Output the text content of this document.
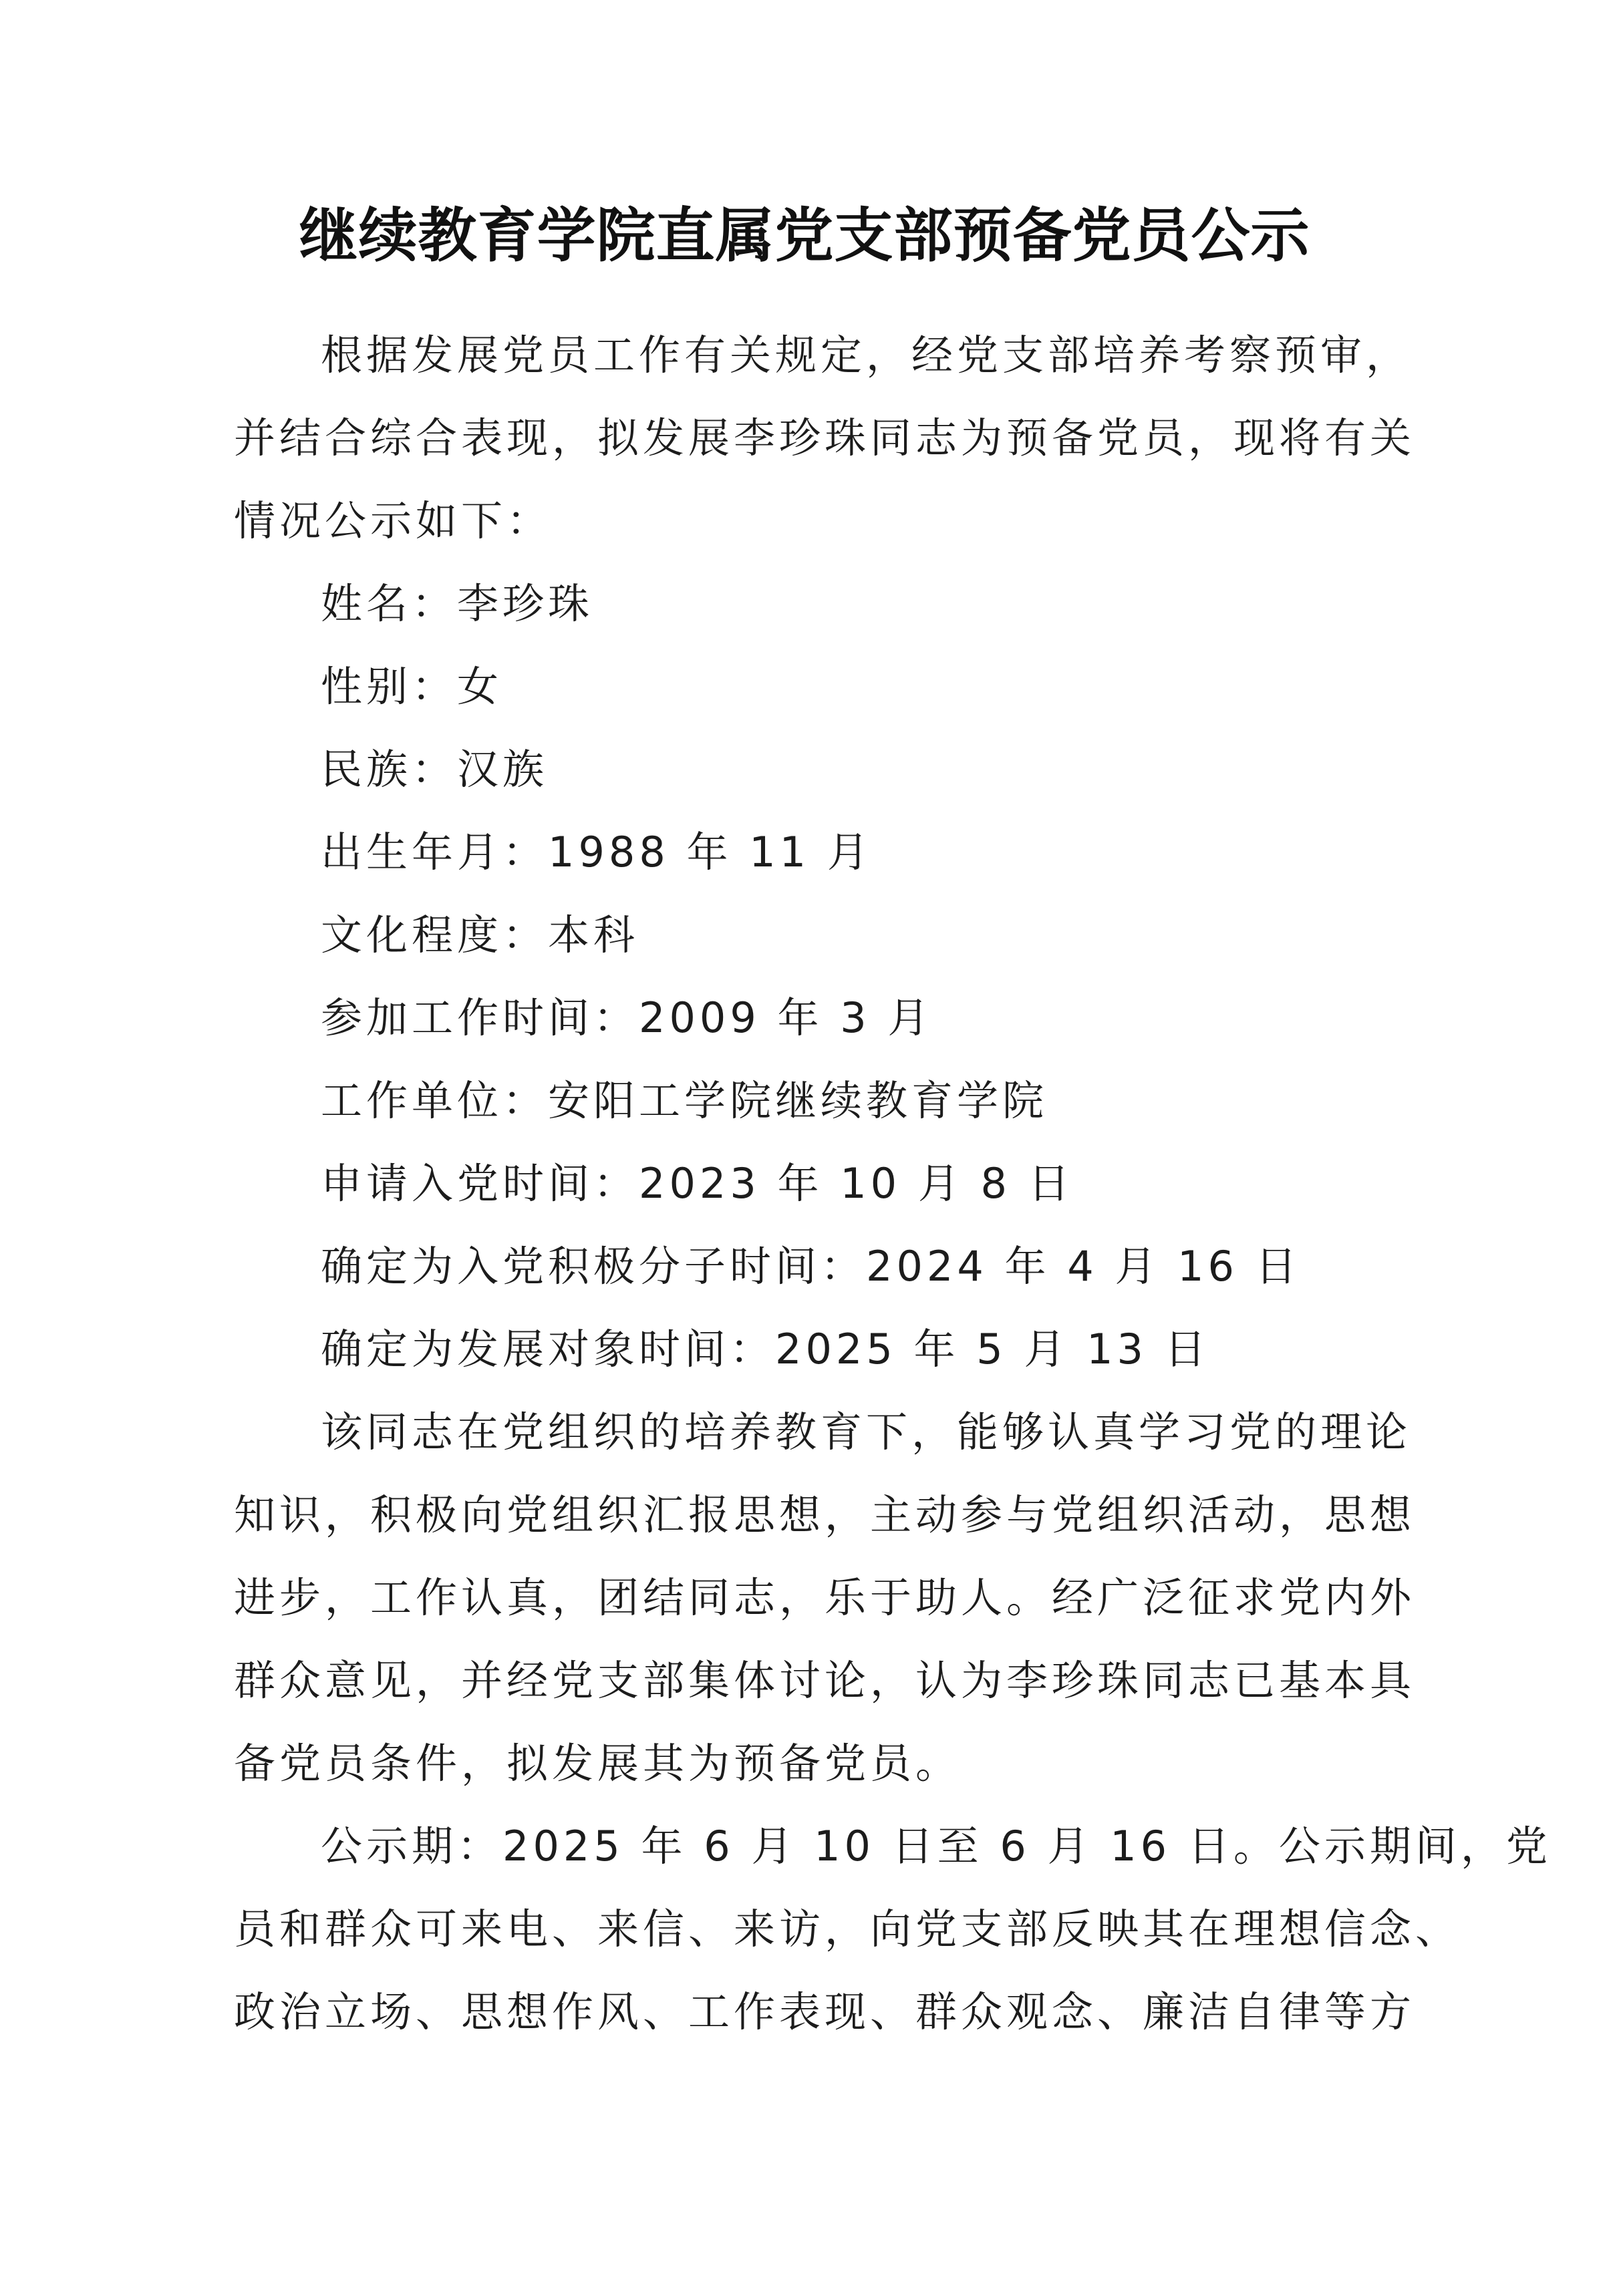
继续教育学院直属党支部预备党员公示
根据发展党员工作有关规定，经党支部培养考察预审，
并结合综合表现，拟发展李珍珠同志为预备党员，现将有关
情况公示如下：
姓名：李珍珠
性别：女
民族：汉族
出生年月：1988 年 11 月
文化程度：本科
参加工作时间：2009 年 3 月
工作单位：安阳工学院继续教育学院
申请入党时间：2023 年 10 月 8 日
确定为入党积极分子时间：2024 年 4 月 16 日
确定为发展对象时间：2025 年 5 月 13 日
该同志在党组织的培养教育下，能够认真学习党的理论
知识，积极向党组织汇报思想，主动参与党组织活动，思想
进步，工作认真，团结同志，乐于助人。经广泛征求党内外
群众意见，并经党支部集体讨论，认为李珍珠同志已基本具
备党员条件，拟发展其为预备党员。
公示期：2025 年 6 月 10 日至 6 月 16 日。公示期间，党
员和群众可来电、来信、来访，向党支部反映其在理想信念、
政治立场、思想作风、工作表现、群众观念、廉洁自律等方
